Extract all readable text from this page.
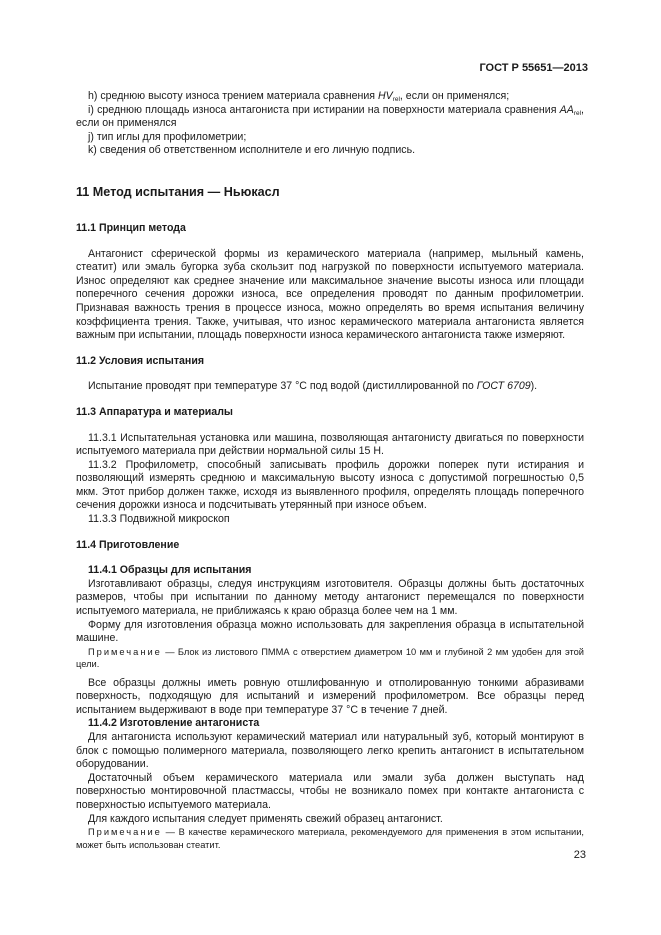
ГОСТ Р 55651—2013

h) среднюю высоту износа трением материала сравнения $HV_{rel}$, если он применялся;

i) среднюю площадь износа антагониста при истирании на поверхности материала сравнения $AA_{rel}$, если он применялся

j) тип иглы для профилометрии;

k) сведения об ответственном исполнителе и его личную подпись.

11 Метод испытания — Ньюкасл
11.1 Принцип метода

Антагонист сферической формы из керамического материала (например, мыльный камень, стеатит) или эмаль бугорка зуба скользит под нагрузкой по поверхности испытуемого материала. Износ определяют как среднее значение или максимальное значение высоты износа или площади поперечного сечения дорожки износа, все определения проводят по данным профилометрии. Признавая важность трения в процессе износа, можно определять во время испытания величину коэффициента трения. Также, учитывая, что износ керамического материала антагониста является важным при испытании, площадь поверхности износа керамического антагониста также измеряют.

11.2 Условия испытания

Испытание проводят при температуре 37 °С под водой (дистиллированной по ГОСТ 6709).

11.3 Аппаратура и материалы

11.3.1 Испытательная установка или машина, позволяющая антагонисту двигаться по поверхности испытуемого материала при действии нормальной силы 15 Н.

11.3.2 Профилометр, способный записывать профиль дорожки поперек пути истирания и позволяющий измерять среднюю и максимальную высоту износа с допустимой погрешностью 0,5 мкм. Этот прибор должен также, исходя из выявленного профиля, определять площадь поперечного сечения дорожки износа и подсчитывать утерянный при износе объем.

11.3.3 Подвижной микроскоп

11.4 Приготовление
11.4.1 Образцы для испытания

Изготавливают образцы, следуя инструкциям изготовителя. Образцы должны быть достаточных размеров, чтобы при испытании по данному методу антагонист перемещался по поверхности испытуемого материала, не приближаясь к краю образца более чем на 1 мм.

Форму для изготовления образца можно использовать для закрепления образца в испытательной машине.

Примечание — Блок из листового ПММА с отверстием диаметром 10 мм и глубиной 2 мм удобен для этой цели.

Все образцы должны иметь ровную отшлифованную и отполированную тонкими абразивами поверхность, подходящую для испытаний и измерений профилометром. Все образцы перед испытанием выдерживают в воде при температуре 37 °С в течение 7 дней.

11.4.2 Изготовление антагониста

Для антагониста используют керамический материал или натуральный зуб, который монтируют в блок с помощью полимерного материала, позволяющего легко крепить антагонист в испытательном оборудовании.

Достаточный объем керамического материала или эмали зуба должен выступать над поверхностью монтировочной пластмассы, чтобы не возникало помех при контакте антагониста с поверхностью испытуемого материала.

Для каждого испытания следует применять свежий образец антагонист.

Примечание — В качестве керамического материала, рекомендуемого для применения в этом испытании, может быть использован стеатит.

23
